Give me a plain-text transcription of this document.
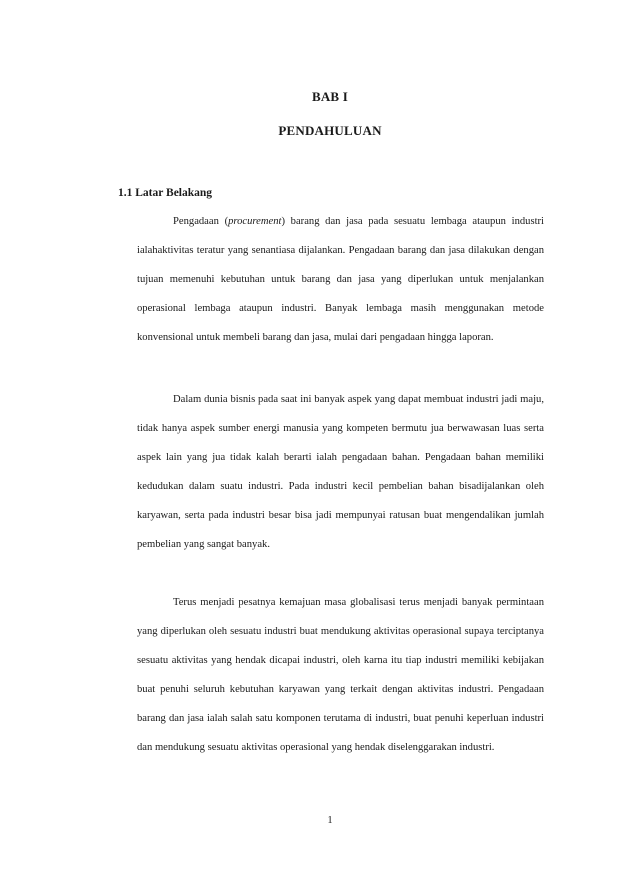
BAB I
PENDAHULUAN
1.1 Latar Belakang

Pengadaan (procurement) barang dan jasa pada sesuatu lembaga ataupun industri ialahaktivitas teratur yang senantiasa dijalankan. Pengadaan barang dan jasa dilakukan dengan tujuan memenuhi kebutuhan untuk barang dan jasa yang diperlukan untuk menjalankan operasional lembaga ataupun industri. Banyak lembaga masih menggunakan metode konvensional untuk membeli barang dan jasa, mulai dari pengadaan hingga laporan.

Dalam dunia bisnis pada saat ini banyak aspek yang dapat membuat industri jadi maju, tidak hanya aspek sumber energi manusia yang kompeten bermutu jua berwawasan luas serta aspek lain yang jua tidak kalah berarti ialah pengadaan bahan. Pengadaan bahan memiliki kedudukan dalam suatu industri. Pada industri kecil pembelian bahan bisadijalankan oleh karyawan, serta pada industri besar bisa jadi mempunyai ratusan buat mengendalikan jumlah pembelian yang sangat banyak.

Terus menjadi pesatnya kemajuan masa globalisasi terus menjadi banyak permintaan yang diperlukan oleh sesuatu industri buat mendukung aktivitas operasional supaya terciptanya sesuatu aktivitas yang hendak dicapai industri, oleh karna itu tiap industri memiliki kebijakan buat penuhi seluruh kebutuhan karyawan yang terkait dengan aktivitas industri. Pengadaan barang dan jasa ialah salah satu komponen terutama di industri, buat penuhi keperluan industri dan mendukung sesuatu aktivitas operasional yang hendak diselenggarakan industri.

1
